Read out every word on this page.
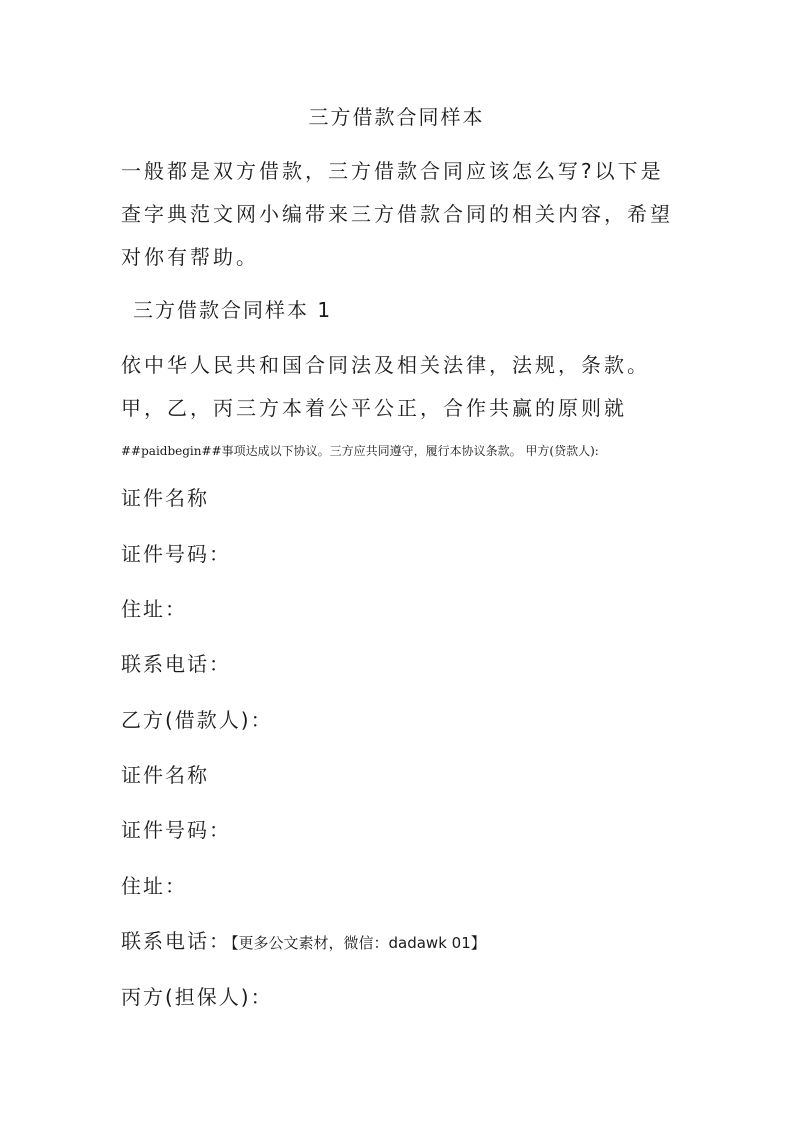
三方借款合同样本
一般都是双方借款，三方借款合同应该怎么写?以下是查字典范文网小编带来三方借款合同的相关内容，希望对你有帮助。
三方借款合同样本 1
依中华人民共和国合同法及相关法律，法规，条款。甲，乙，丙三方本着公平公正，合作共赢的原则就
##paidbegin##事项达成以下协议。三方应共同遵守，履行本协议条款。 甲方(贷款人):
证件名称
证件号码：
住址：
联系电话：
乙方(借款人)：
证件名称
证件号码：
住址：
联系电话：【更多公文素材，微信：dadawk 01】
丙方(担保人)：
